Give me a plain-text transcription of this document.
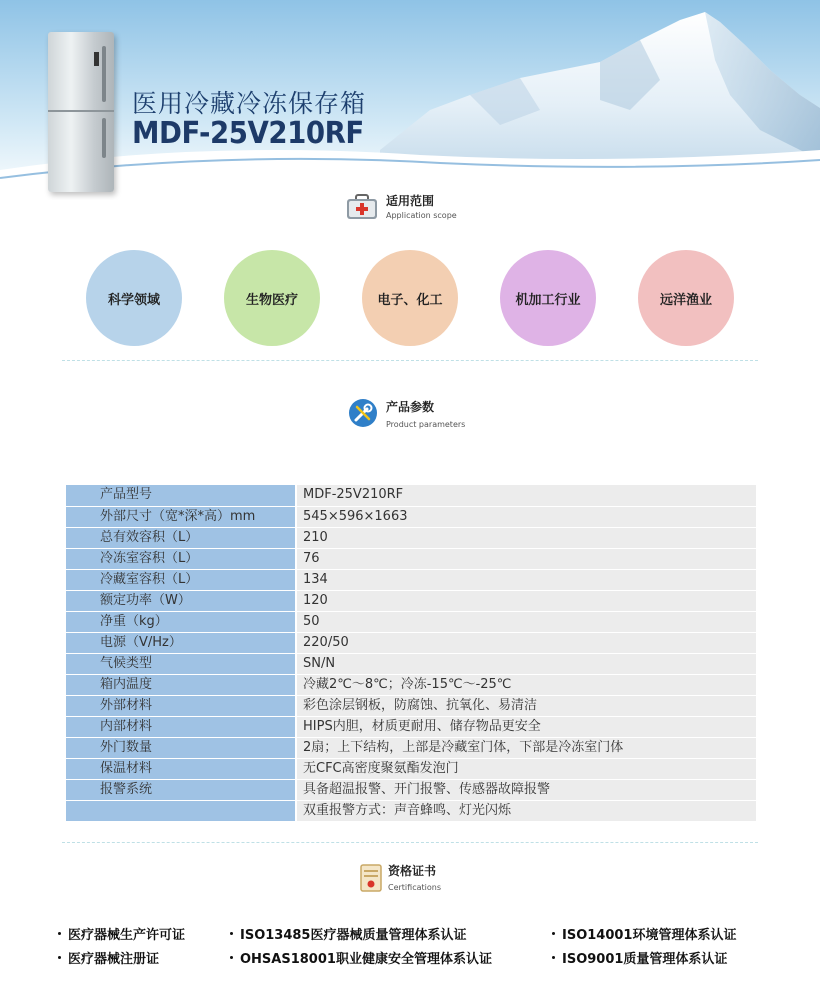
医用冷藏冷冻保存箱
MDF-25V210RF
适用范围
Application scope
科学领域	生物医疗	电子、化工	机加工行业	远洋渔业
产品参数
Product parameters
产品型号	MDF-25V210RF
外部尺寸（宽*深*高）mm	545×596×1663
总有效容积（L）	210
冷冻室容积（L）	76
冷藏室容积（L）	134
额定功率（W）	120
净重（kg）	50
电源（V/Hz）	220/50
气候类型	SN/N
箱内温度	冷藏2℃～8℃；冷冻-15℃～-25℃
外部材料	彩色涂层钢板，防腐蚀、抗氧化、易清洁
内部材料	HIPS内胆，材质更耐用、储存物品更安全
外门数量	2扇；上下结构，上部是冷藏室门体，下部是冷冻室门体
保温材料	无CFC高密度聚氨酯发泡门
报警系统	具备超温报警、开门报警、传感器故障报警
	双重报警方式：声音蜂鸣、灯光闪烁
资格证书
Certifications
医疗器械生产许可证	ISO13485医疗器械质量管理体系认证	ISO14001环境管理体系认证
医疗器械注册证	OHSAS18001职业健康安全管理体系认证	ISO9001质量管理体系认证
